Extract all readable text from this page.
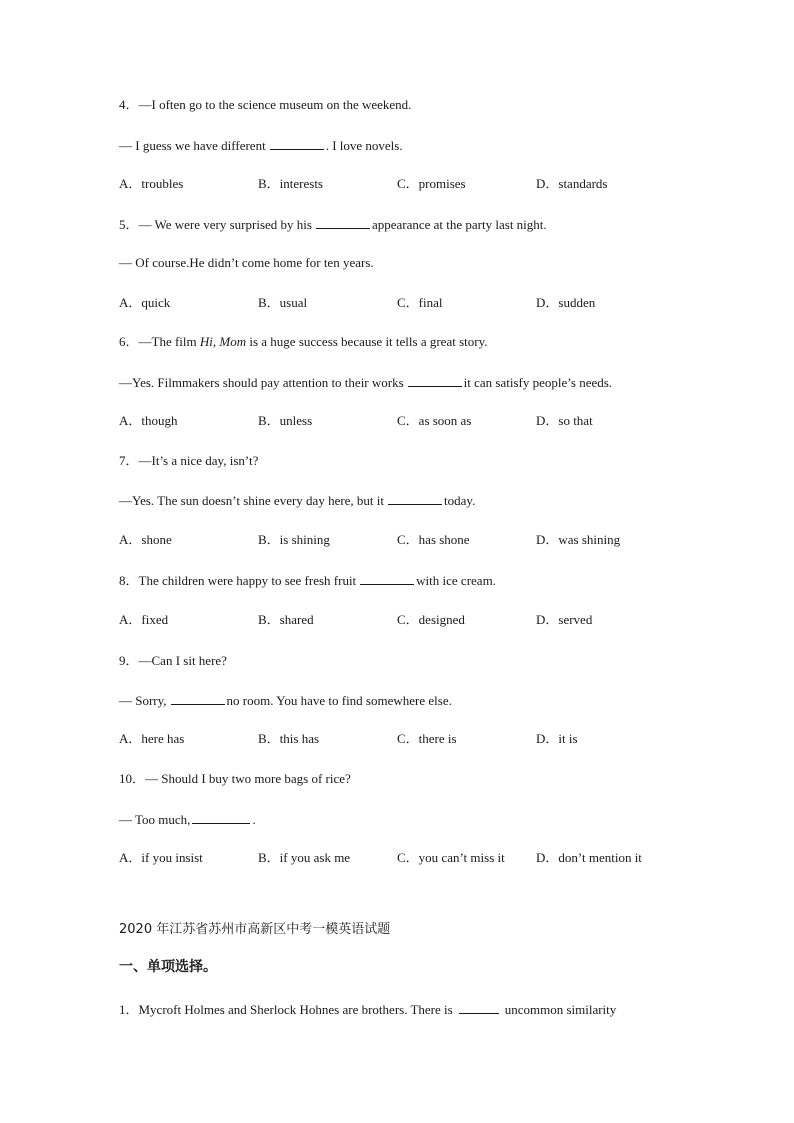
4．—I often go to the science museum on the weekend.
— I guess we have different	. I love novels.
A．troubles	B．interests	C．promises	D．standards
5．— We were very surprised by his	appearance at the party last night.
— Of course.He didn’t come home for ten years.
A．quick	B．usual	C．final	D．sudden
6．—The film Hi, Mom is a huge success because it tells a great story.
—Yes. Filmmakers should pay attention to their works	it can satisfy people’s needs.
A．though	B．unless	C．as soon as	D．so that
7．—It’s a nice day, isn’t?
—Yes. The sun doesn’t shine every day here, but it	today.
A．shone	B．is shining	C．has shone	D．was shining
8．The children were happy to see fresh fruit	with ice cream.
A．fixed	B．shared	C．designed	D．served
9．—Can I sit here?
— Sorry,	no room. You have to find somewhere else.
A．here has	B．this has	C．there is	D．it is
10．— Should I buy two more bags of rice?
— Too much,	.
A．if you insist	B．if you ask me	C．you can’t miss it D．don’t mention it
2020 年江苏省苏州市高新区中考一模英语试题
一、单项选择。
1．Mycroft Holmes and Sherlock Hohnes are brothers. There is	uncommon similarity
